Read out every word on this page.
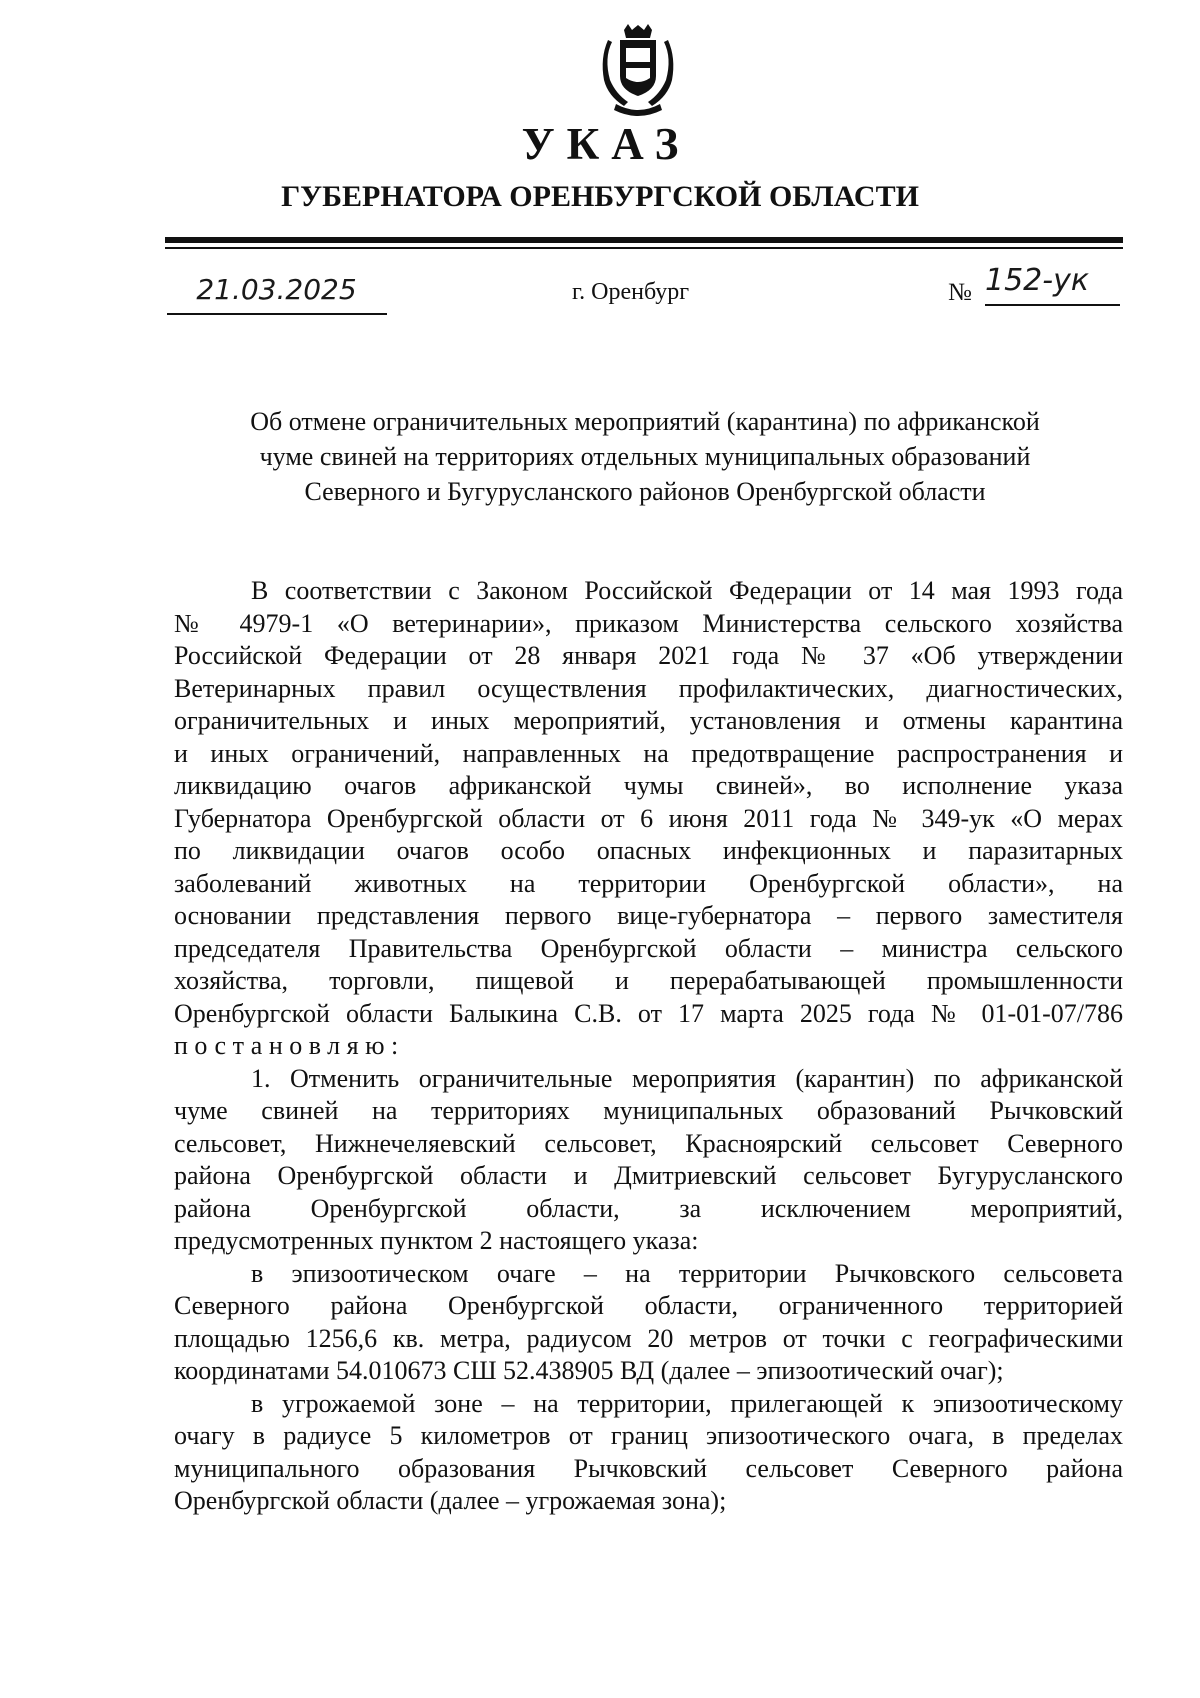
УКАЗ
ГУБЕРНАТОРА ОРЕНБУРГСКОЙ ОБЛАСТИ
21.03.2025	г. Оренбург	№ 152-ук
Об отмене ограничительных мероприятий (карантина) по африканской
чуме свиней на территориях отдельных муниципальных образований
Северного и Бугурусланского районов Оренбургской области
В соответствии с Законом Российской Федерации от 14 мая 1993 года
№ 4979-1 «О ветеринарии», приказом Министерства сельского хозяйства
Российской Федерации от 28 января 2021 года № 37 «Об утверждении
Ветеринарных правил осуществления профилактических, диагностических,
ограничительных и иных мероприятий, установления и отмены карантина
и иных ограничений, направленных на предотвращение распространения и
ликвидацию очагов африканской чумы свиней», во исполнение указа
Губернатора Оренбургской области от 6 июня 2011 года № 349-ук «О мерах
по ликвидации очагов особо опасных инфекционных и паразитарных
заболеваний животных на территории Оренбургской области», на
основании представления первого вице-губернатора – первого заместителя
председателя Правительства Оренбургской области – министра сельского
хозяйства, торговли, пищевой и перерабатывающей промышленности
Оренбургской области Балыкина С.В. от 17 марта 2025 года № 01-01-07/786
постановляю:
1. Отменить ограничительные мероприятия (карантин) по африканской
чуме свиней на территориях муниципальных образований Рычковский
сельсовет, Нижнечеляевский сельсовет, Красноярский сельсовет Северного
района Оренбургской области и Дмитриевский сельсовет Бугурусланского
района Оренбургской области, за исключением мероприятий,
предусмотренных пунктом 2 настоящего указа:
в эпизоотическом очаге – на территории Рычковского сельсовета
Северного района Оренбургской области, ограниченного территорией
площадью 1256,6 кв. метра, радиусом 20 метров от точки с географическими
координатами 54.010673 СШ 52.438905 ВД (далее – эпизоотический очаг);
в угрожаемой зоне – на территории, прилегающей к эпизоотическому
очагу в радиусе 5 километров от границ эпизоотического очага, в пределах
муниципального образования Рычковский сельсовет Северного района
Оренбургской области (далее – угрожаемая зона);
